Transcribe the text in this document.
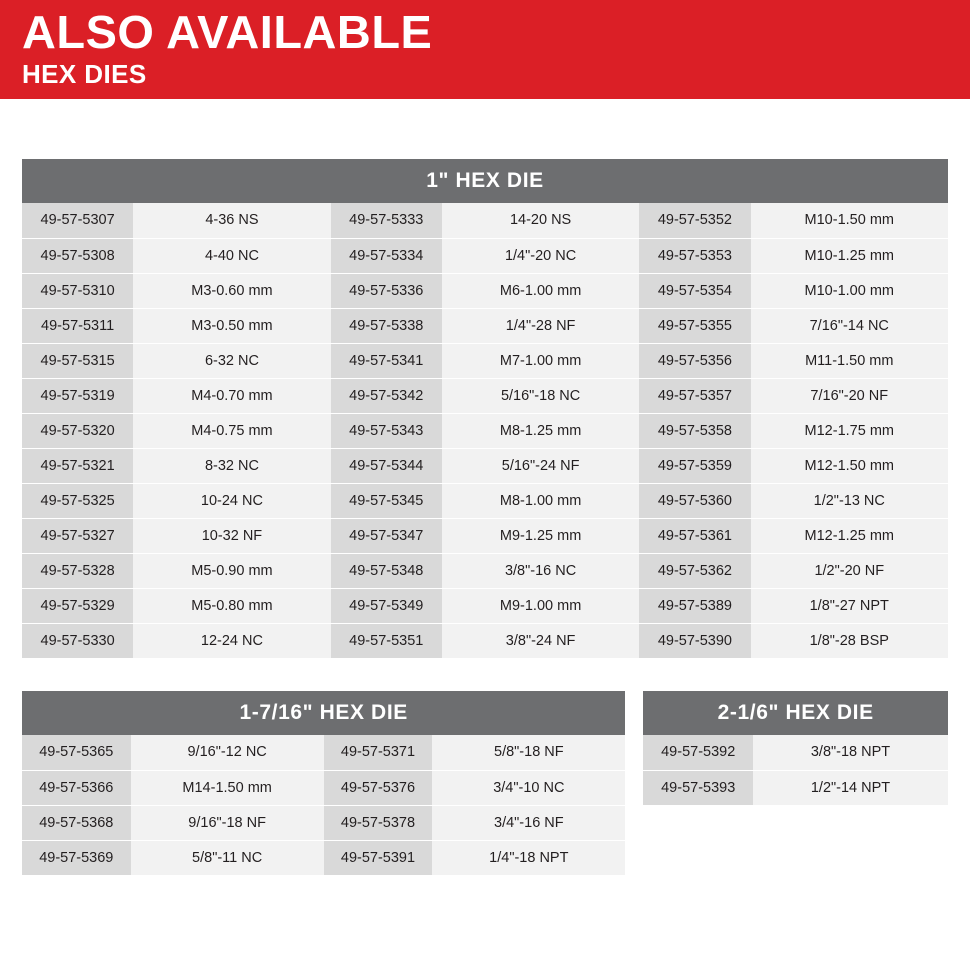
ALSO AVAILABLE
HEX DIES
1" HEX DIE
49-57-5307	4-36 NS	49-57-5333	14-20 NS	49-57-5352	M10-1.50 mm
49-57-5308	4-40 NC	49-57-5334	1/4"-20 NC	49-57-5353	M10-1.25 mm
49-57-5310	M3-0.60 mm	49-57-5336	M6-1.00 mm	49-57-5354	M10-1.00 mm
49-57-5311	M3-0.50 mm	49-57-5338	1/4"-28 NF	49-57-5355	7/16"-14 NC
49-57-5315	6-32 NC	49-57-5341	M7-1.00 mm	49-57-5356	M11-1.50 mm
49-57-5319	M4-0.70 mm	49-57-5342	5/16"-18 NC	49-57-5357	7/16"-20 NF
49-57-5320	M4-0.75 mm	49-57-5343	M8-1.25 mm	49-57-5358	M12-1.75 mm
49-57-5321	8-32 NC	49-57-5344	5/16"-24 NF	49-57-5359	M12-1.50 mm
49-57-5325	10-24 NC	49-57-5345	M8-1.00 mm	49-57-5360	1/2"-13 NC
49-57-5327	10-32 NF	49-57-5347	M9-1.25 mm	49-57-5361	M12-1.25 mm
49-57-5328	M5-0.90 mm	49-57-5348	3/8"-16 NC	49-57-5362	1/2"-20 NF
49-57-5329	M5-0.80 mm	49-57-5349	M9-1.00 mm	49-57-5389	1/8"-27 NPT
49-57-5330	12-24 NC	49-57-5351	3/8"-24 NF	49-57-5390	1/8"-28 BSP
1-7/16" HEX DIE
49-57-5365	9/16"-12 NC	49-57-5371	5/8"-18 NF
49-57-5366	M14-1.50 mm	49-57-5376	3/4"-10 NC
49-57-5368	9/16"-18 NF	49-57-5378	3/4"-16 NF
49-57-5369	5/8"-11 NC	49-57-5391	1/4"-18 NPT
2-1/6" HEX DIE
49-57-5392	3/8"-18 NPT
49-57-5393	1/2"-14 NPT
